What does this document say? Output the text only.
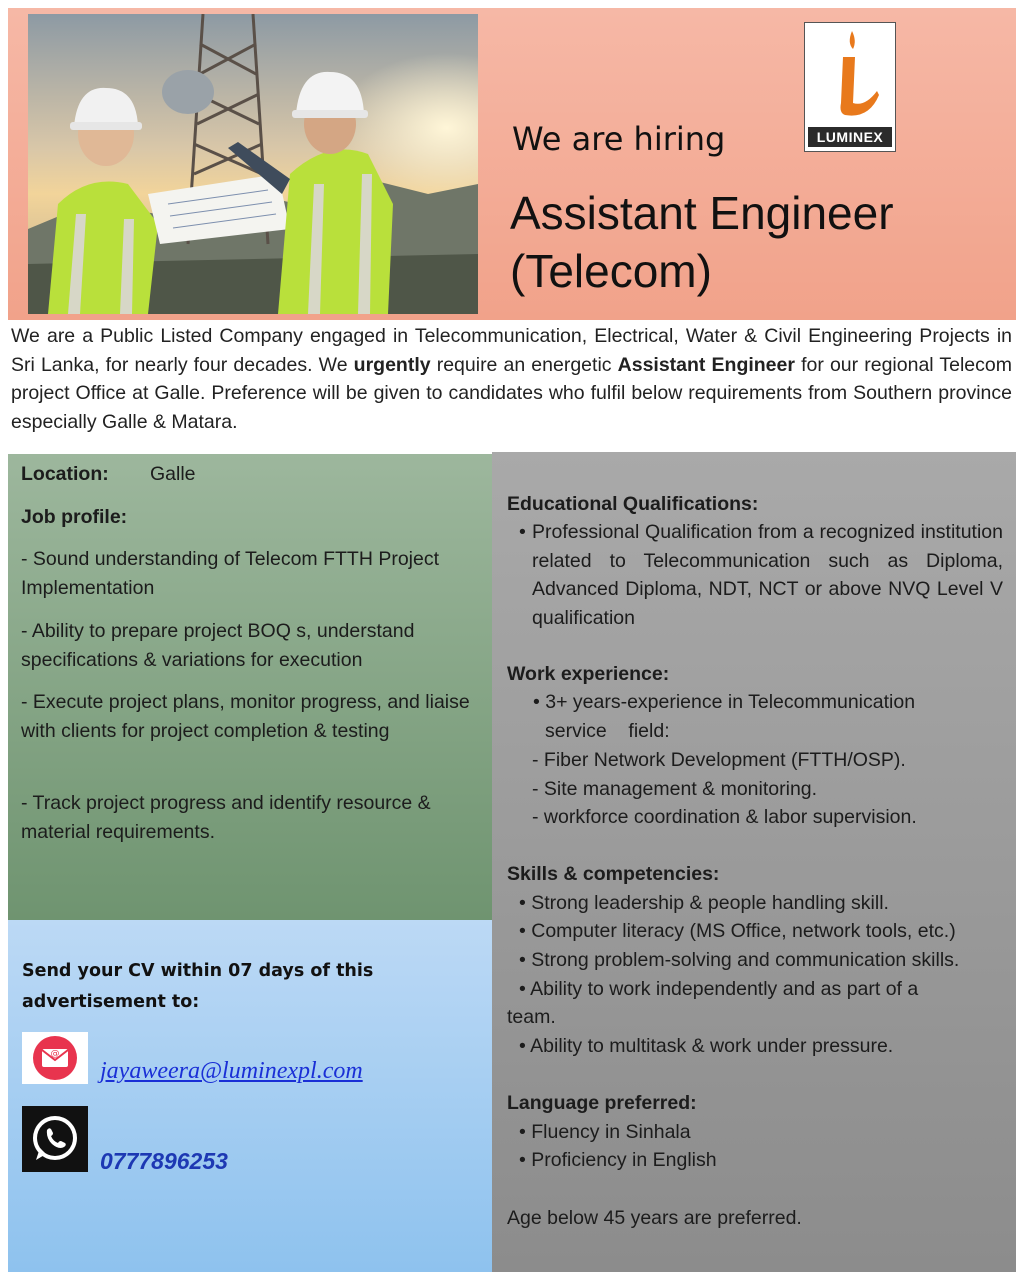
We are hiring
Assistant Engineer
(Telecom)
LUMINEX
We are a Public Listed Company engaged in Telecommunication, Electrical, Water & Civil Engineering Projects in Sri Lanka, for nearly four decades. We urgently require an energetic Assistant Engineer for our regional Telecom project Office at Galle. Preference will be given to candidates who fulfil below requirements from Southern province especially Galle & Matara.
Location: Galle
Job profile:
- Sound understanding of Telecom FTTH Project Implementation
- Ability to prepare project BOQ s, understand specifications & variations for execution
- Execute project plans, monitor progress, and liaise with clients for project completion & testing
- Track project progress and identify resource & material requirements.
Send your CV within 07 days of this
advertisement to:
@
jayaweera@luminexpl.com
0777896253
Educational Qualifications:
• Professional Qualification from a recognized institution related to Telecommunication such as Diploma, Advanced Diploma, NDT, NCT or above NVQ Level V qualification
Work experience:
• 3+ years-experience in Telecommunication
service    field:
- Fiber Network Development (FTTH/OSP).
- Site management & monitoring.
- workforce coordination & labor supervision.
Skills & competencies:
• Strong leadership & people handling skill.
• Computer literacy (MS Office, network tools, etc.)
• Strong problem-solving and communication skills.
• Ability to work independently and as part of a
team.
• Ability to multitask & work under pressure.
Language preferred:
• Fluency in Sinhala
• Proficiency in English
Age below 45 years are preferred.
